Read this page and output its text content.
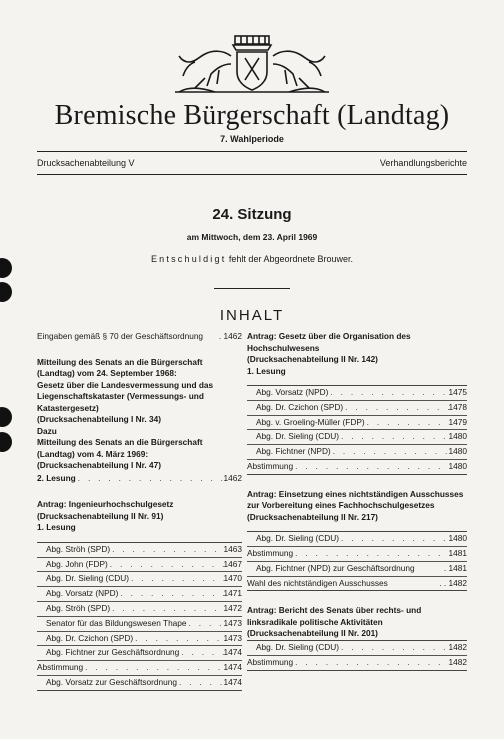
Bremische Bürgerschaft (Landtag)
7. Wahlperiode
Drucksachenabteilung V	Verhandlungsberichte
24. Sitzung
am Mittwoch, dem 23. April 1969
Entschuldigt fehlt der Abgeordnete Brouwer.
INHALT
Eingaben gemäß § 70 der Geschäftsordnung	. 1462
Mitteilung des Senats an die Bürgerschaft (Landtag) vom 24. September 1968:
Gesetz über die Landesvermessung und das Liegenschaftskataster (Vermessungs- und Katastergesetz)
(Drucksachenabteilung I Nr. 34)
Dazu
Mitteilung des Senats an die Bürgerschaft (Landtag) vom 4. März 1969:
(Drucksachenabteilung I Nr. 47)
2. Lesung . . .	1462
Antrag: Ingenieurhochschulgesetz
(Drucksachenabteilung II Nr. 91)
1. Lesung
Abg. Ströh (SPD) . . .	1463
Abg. John (FDP) . . .	1467
Abg. Dr. Sieling (CDU) . . .	1470
Abg. Vorsatz (NPD) . . .	1471
Abg. Ströh (SPD) . . .	1472
Senator für das Bildungswesen Thape . . .	1473
Abg. Dr. Czichon (SPD) . . .	1473
Abg. Fichtner zur Geschäftsordnung . . .	1474
Abstimmung . . .	1474
Abg. Vorsatz zur Geschäftsordnung . . .	1474
Antrag: Gesetz über die Organisation des Hochschulwesens
(Drucksachenabteilung II Nr. 142)
1. Lesung
Abg. Vorsatz (NPD) . . .	1475
Abg. Dr. Czichon (SPD) . . .	1478
Abg. v. Groeling-Müller (FDP) . . .	1479
Abg. Dr. Sieling (CDU) . . .	1480
Abg. Fichtner (NPD) . . .	1480
Abstimmung . . .	1480
Antrag: Einsetzung eines nichtständigen Ausschusses zur Vorbereitung eines Fachhochschulgesetzes
(Drucksachenabteilung II Nr. 217)
Abg. Dr. Sieling (CDU) . . .	1480
Abstimmung . . .	1481
Abg. Fichtner (NPD) zur Geschäftsordnung	. 1481
Wahl des nichtständigen Ausschusses	. . 1482
Antrag: Bericht des Senats über rechts- und linksradikale politische Aktivitäten
(Drucksachenabteilung II Nr. 201)
Abg. Dr. Sieling (CDU) . . .	1482
Abstimmung . . .	1482
